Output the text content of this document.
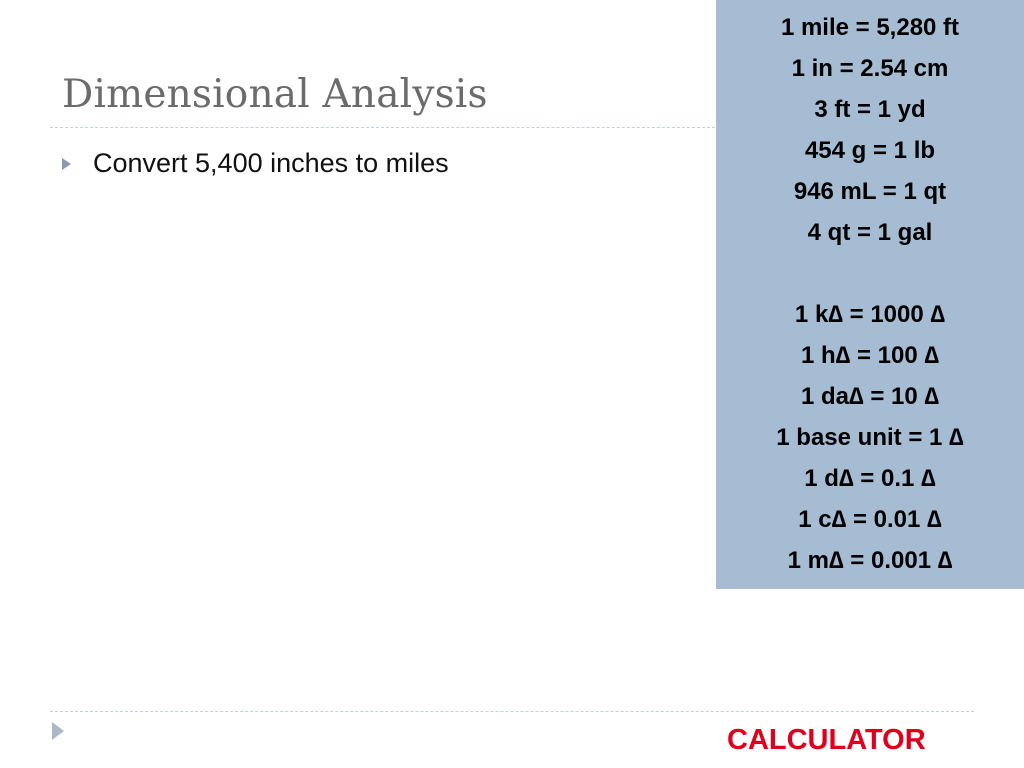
Dimensional Analysis
Convert 5,400 inches to miles
1 mile = 5,280 ft
1 in = 2.54 cm
3 ft = 1 yd
454 g = 1 lb
946 mL = 1 qt
4 qt = 1 gal
1 k∆ = 1000 ∆
1 h∆ = 100 ∆
1 da∆ = 10 ∆
1 base unit = 1 ∆
1 d∆ = 0.1 ∆
1 c∆ = 0.01 ∆
1 m∆ = 0.001 ∆
CALCULATOR
